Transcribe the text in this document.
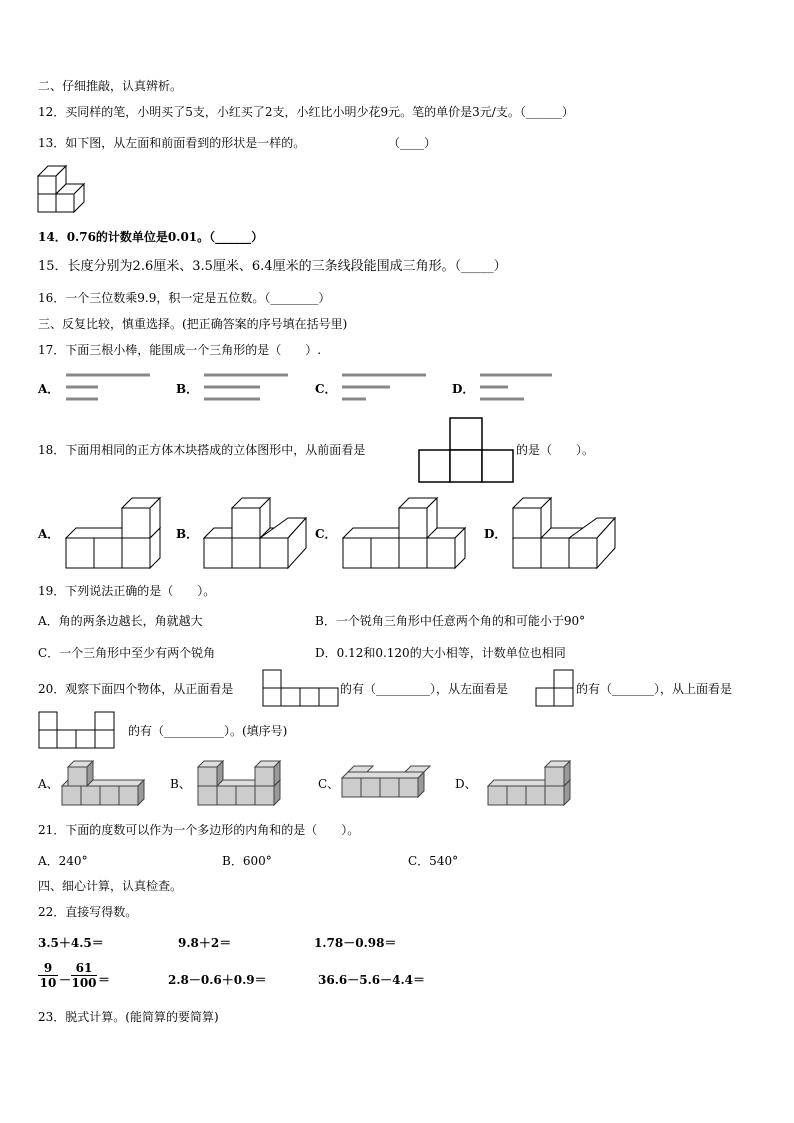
二、仔细推敲，认真辨析。
12．买同样的笔，小明买了5支，小红买了2支，小红比小明少花9元。笔的单价是3元/支。（______）
13．如下图，从左面和前面看到的形状是一样的。	（____）
14．0.76的计数单位是0.01。（______）
15．长度分别为2.6厘米、3.5厘米、6.4厘米的三条线段能围成三角形。（_____）
16．一个三位数乘9.9，积一定是五位数。（________）
三、反复比较，慎重选择。(把正确答案的序号填在括号里)
17．下面三根小棒，能围成一个三角形的是（　　）.
A．	B．	C．	D．
18．下面用相同的正方体木块搭成的立体图形中，从前面看是	的是（　　）。
A．	B．	C．	D．
19．下列说法正确的是（　　）。
A．角的两条边越长，角就越大	B．一个锐角三角形中任意两个角的和可能小于90°
C．一个三角形中至少有两个锐角	D．0.12和0.120的大小相等，计数单位也相同
20．观察下面四个物体，从正面看是	的有（_________），从左面看是	的有（_______），从上面看是
的有（__________）。(填序号)
A、	B、	C、	D、
21．下面的度数可以作为一个多边形的内角和的是（　　）。
A．240°	B．600°	C．540°
四、细心计算，认真检查。
22．直接写得数。
3.5＋4.5＝	9.8＋2＝	1.78－0.98＝
$\frac{9}{10} - \frac{61}{100}$ ＝	2.8－0.6＋0.9＝	36.6－5.6－4.4＝
23．脱式计算。(能简算的要简算)
